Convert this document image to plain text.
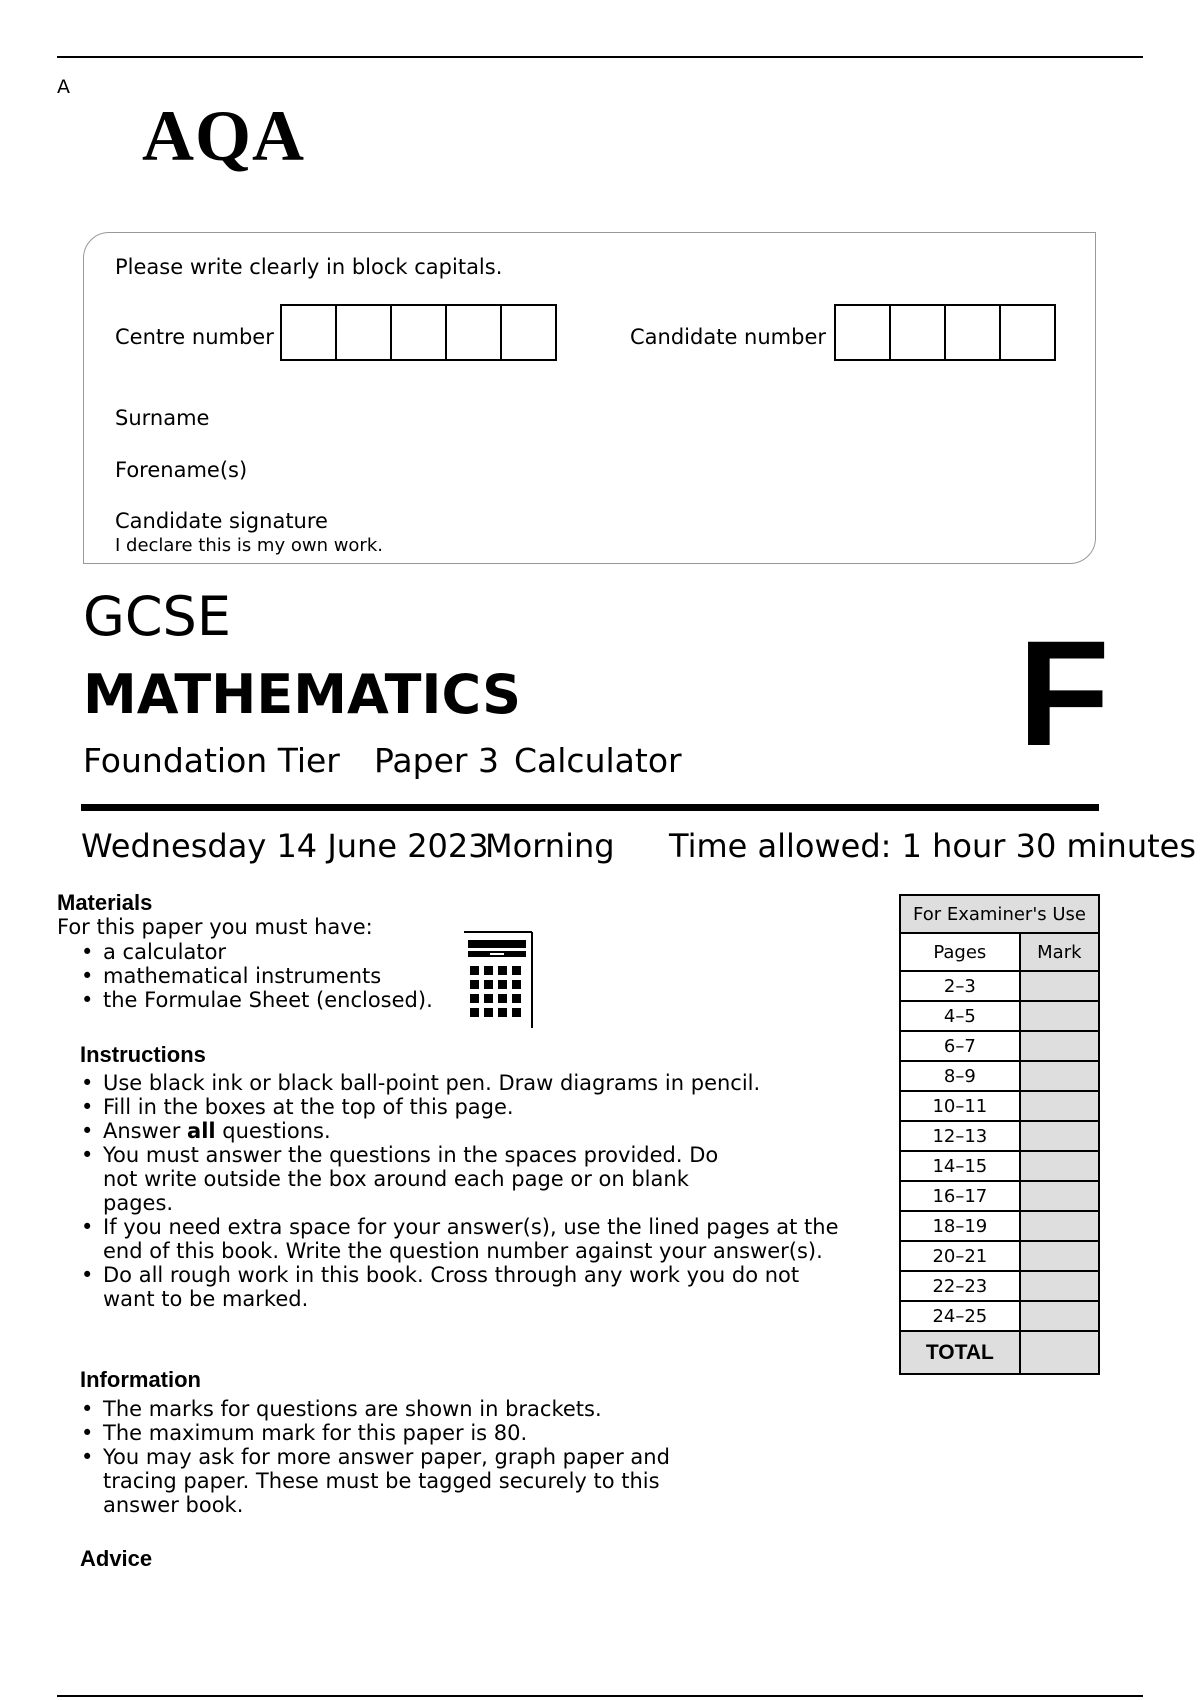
A
AQA
Please write clearly in block capitals.
Centre number	Candidate number
Surname
Forename(s)
Candidate signature
I declare this is my own work.
GCSE
MATHEMATICS
Foundation Tier Paper 3 Calculator F
Wednesday 14 June 2023
Morning Time allowed: 1 hour 30 minutes
Materials
For this paper you must have:
• a calculator
• mathematical instruments
• the Formulae Sheet (enclosed).
Instructions
• Use black ink or black ball-point pen. Draw diagrams in pencil.
• Fill in the boxes at the top of this page.
• Answer all questions.
• You must answer the questions in the spaces provided. Do not write outside the box around each page or on blank pages.
• If you need extra space for your answer(s), use the lined pages at the end of this book. Write the question number against your answer(s).
• Do all rough work in this book. Cross through any work you do not want to be marked.
Information
• The marks for questions are shown in brackets.
• The maximum mark for this paper is 80.
• You may ask for more answer paper, graph paper and tracing paper. These must be tagged securely to this answer book.
Advice
For Examiner's Use	
Pages	Mark
2–3	
4–5	
6–7	
8–9	
10–11	
12–13	
14–15	
16–17	
18–19	
20–21	
22–23	
24–25	
TOTAL	
